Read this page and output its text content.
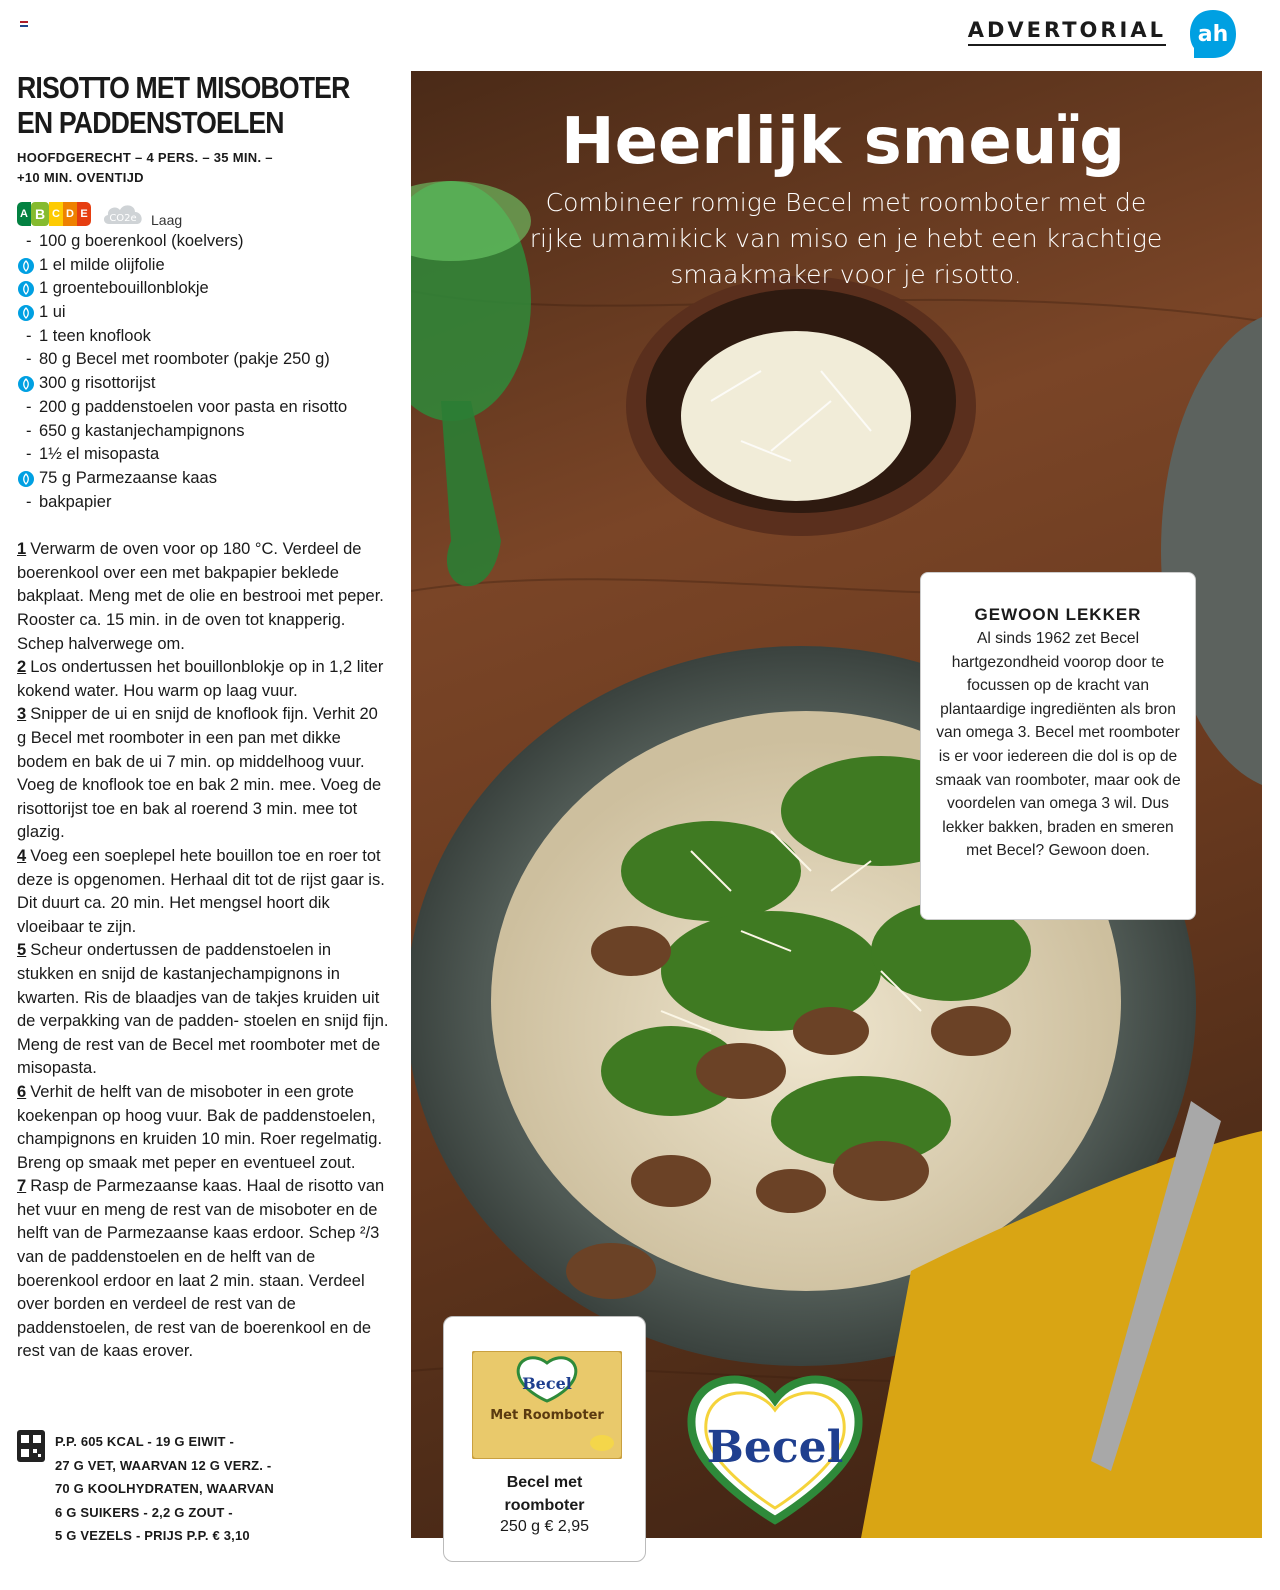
ADVERTORIAL ah
RISOTTO MET MISOBOTER
EN PADDENSTOELEN
HOOFDGERECHT – 4 PERS. – 35 MIN. –
+10 MIN. OVENTIJD
A B C D E	CO2e Laag
- 100 g boerenkool (koelvers)
1 el milde olijfolie
1 groentebouillonblokje
1 ui
- 1 teen knoflook
- 80 g Becel met roomboter (pakje 250 g)
300 g risottorijst
- 200 g paddenstoelen voor pasta en risotto
- 650 g kastanjechampignons
- 1½ el misopasta
75 g Parmezaanse kaas
- bakpapier

1 Verwarm de oven voor op 180 °C. Verdeel de boerenkool over een met bakpapier beklede bakplaat. Meng met de olie en bestrooi met peper. Rooster ca. 15 min. in de oven tot knapperig. Schep halverwege om.

2 Los ondertussen het bouillonblokje op in 1,2 liter kokend water. Hou warm op laag vuur.

3 Snipper de ui en snijd de knoflook fijn. Verhit 20 g Becel met roomboter in een pan met dikke bodem en bak de ui 7 min. op middelhoog vuur. Voeg de knoflook toe en bak 2 min. mee. Voeg de risottorijst toe en bak al roerend 3 min. mee tot glazig.

4 Voeg een soeplepel hete bouillon toe en roer tot deze is opgenomen. Herhaal dit tot de rijst gaar is. Dit duurt ca. 20 min. Het mengsel hoort dik vloeibaar te zijn.

5 Scheur ondertussen de paddenstoelen in stukken en snijd de kastanjechampignons in kwarten. Ris de blaadjes van de takjes kruiden uit de verpakking van de padden- stoelen en snijd fijn. Meng de rest van de Becel met roomboter met de misopasta.

6 Verhit de helft van de misoboter in een grote koekenpan op hoog vuur. Bak de paddenstoelen, champignons en kruiden 10 min. Roer regelmatig. Breng op smaak met peper en eventueel zout.

7 Rasp de Parmezaanse kaas. Haal de risotto van het vuur en meng de rest van de misoboter en de helft van de Parmezaanse kaas erdoor. Schep ²/3 van de paddenstoelen en de helft van de boerenkool erdoor en laat 2 min. staan. Verdeel over borden en verdeel de rest van de paddenstoelen, de rest van de boerenkool en de rest van de kaas erover.

P.P. 605 KCAL - 19 G EIWIT -
27 G VET, WAARVAN 12 G VERZ. -
70 G KOOLHYDRATEN, WAARVAN
6 G SUIKERS - 2,2 G ZOUT -
5 G VEZELS - PRIJS P.P. € 3,10
Heerlijk smeuïg
Combineer romige Becel met roomboter met de rijke umamikick van miso en je hebt een krachtige smaakmaker voor je risotto.
GEWOON LEKKER

Al sinds 1962 zet Becel hartgezondheid voorop door te focussen op de kracht van plantaardige ingrediënten als bron van omega 3. Becel met roomboter is er voor iedereen die dol is op de smaak van roomboter, maar ook de voordelen van omega 3 wil. Dus lekker bakken, braden en smeren met Becel? Gewoon doen.

Becel
Met Roomboter
Becel met
roomboter
250 g € 2,95
Becel
